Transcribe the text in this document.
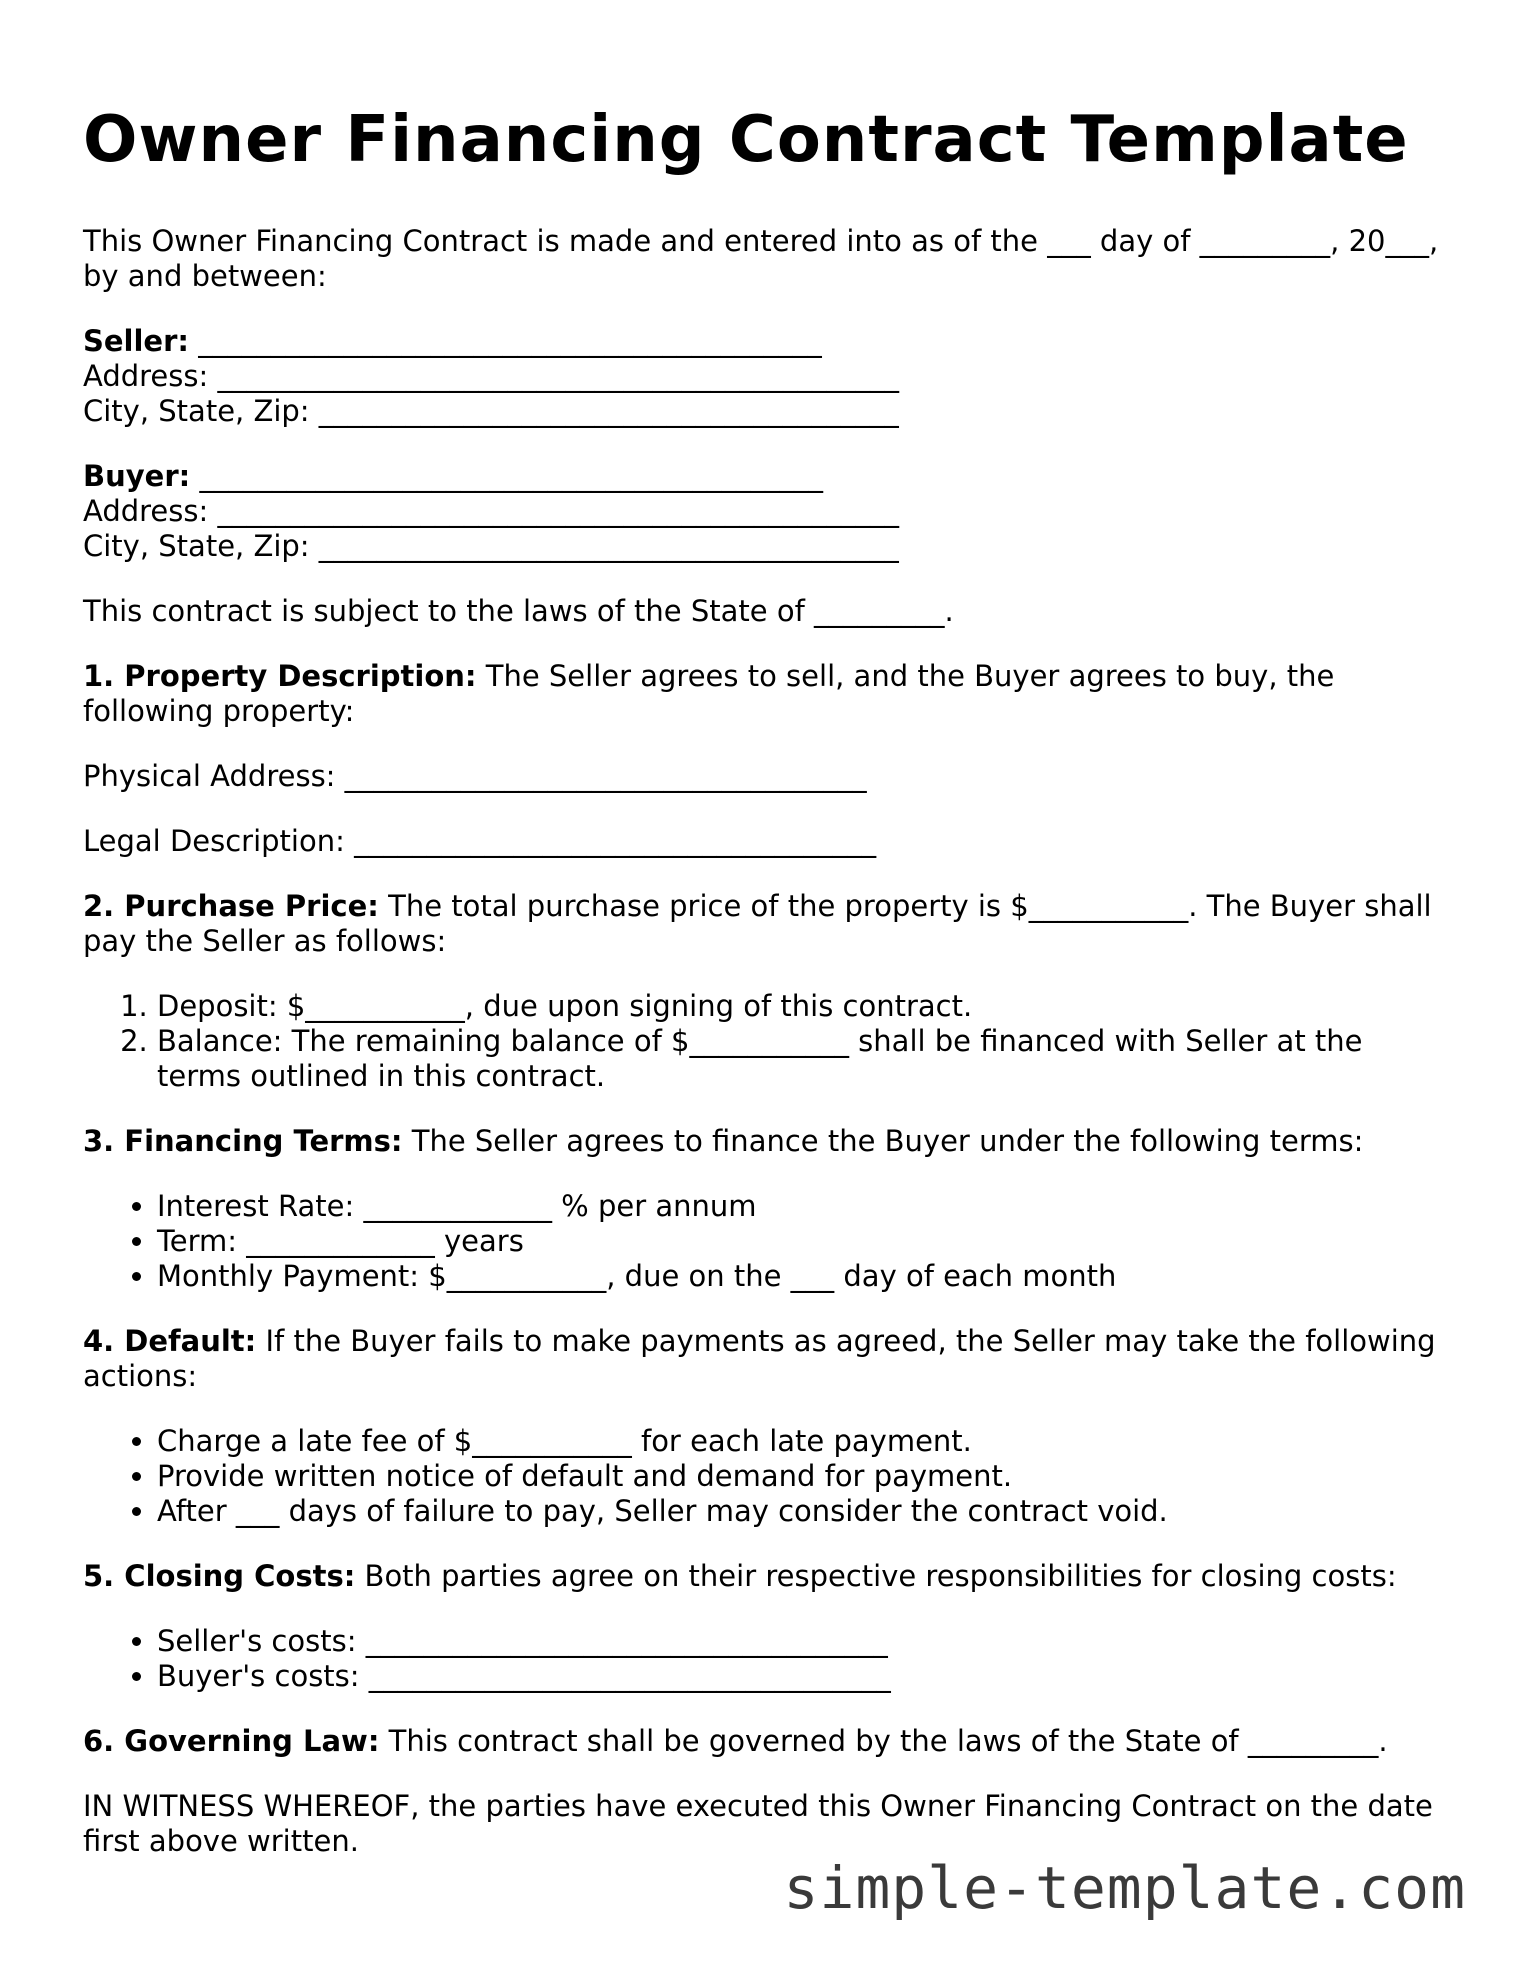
Owner Financing Contract Template

This Owner Financing Contract is made and entered into as of the ___ day of _________, 20___, by and between:

Seller: ___________________________________________
Address: _______________________________________________
City, State, Zip: ________________________________________
Buyer: ___________________________________________
Address: _______________________________________________
City, State, Zip: ________________________________________

This contract is subject to the laws of the State of _________.

1. Property Description: The Seller agrees to sell, and the Buyer agrees to buy, the following property:

Physical Address: ____________________________________

Legal Description: ____________________________________

2. Purchase Price: The total purchase price of the property is $___________. The Buyer shall pay the Seller as follows:

1. Deposit: $___________, due upon signing of this contract.
2. Balance: The remaining balance of $___________ shall be financed with Seller at the terms outlined in this contract.

3. Financing Terms: The Seller agrees to finance the Buyer under the following terms:

• Interest Rate: _____________ % per annum
• Term: _____________ years
• Monthly Payment: $___________, due on the ___ day of each month

4. Default: If the Buyer fails to make payments as agreed, the Seller may take the following actions:

• Charge a late fee of $___________ for each late payment.
• Provide written notice of default and demand for payment.
• After ___ days of failure to pay, Seller may consider the contract void.

5. Closing Costs: Both parties agree on their respective responsibilities for closing costs:

• Seller's costs: ____________________________________
• Buyer's costs: ____________________________________

6. Governing Law: This contract shall be governed by the laws of the State of _________.

IN WITNESS WHEREOF, the parties have executed this Owner Financing Contract on the date first above written.

simple-template.com
